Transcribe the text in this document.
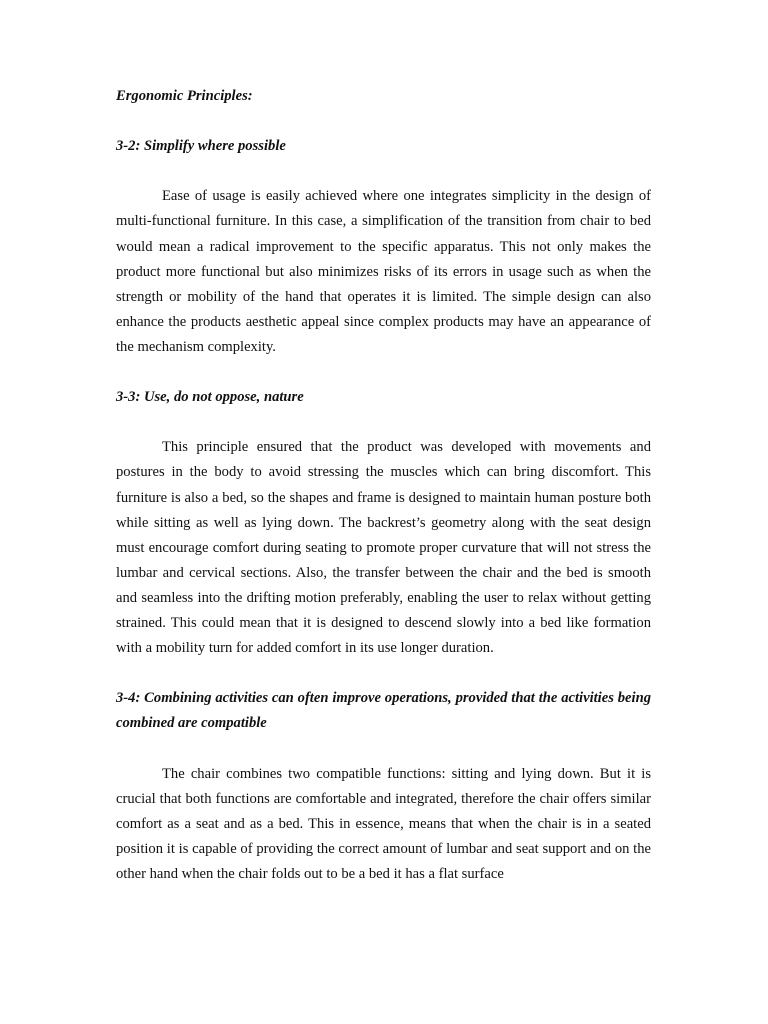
Ergonomic Principles:

3-2: Simplify where possible

Ease of usage is easily achieved where one integrates simplicity in the design of multi-functional furniture. In this case, a simplification of the transition from chair to bed would mean a radical improvement to the specific apparatus. This not only makes the product more functional but also minimizes risks of its errors in usage such as when the strength or mobility of the hand that operates it is limited. The simple design can also enhance the products aesthetic appeal since complex products may have an appearance of the mechanism complexity.

3-3: Use, do not oppose, nature

This principle ensured that the product was developed with movements and postures in the body to avoid stressing the muscles which can bring discomfort. This furniture is also a bed, so the shapes and frame is designed to maintain human posture both while sitting as well as lying down. The backrest’s geometry along with the seat design must encourage comfort during seating to promote proper curvature that will not stress the lumbar and cervical sections. Also, the transfer between the chair and the bed is smooth and seamless into the drifting motion preferably, enabling the user to relax without getting strained. This could mean that it is designed to descend slowly into a bed like formation with a mobility turn for added comfort in its use longer duration.

3-4: Combining activities can often improve operations, provided that the activities being combined are compatible

The chair combines two compatible functions: sitting and lying down. But it is crucial that both functions are comfortable and integrated, therefore the chair offers similar comfort as a seat and as a bed. This in essence, means that when the chair is in a seated position it is capable of providing the correct amount of lumbar and seat support and on the other hand when the chair folds out to be a bed it has a flat surface
